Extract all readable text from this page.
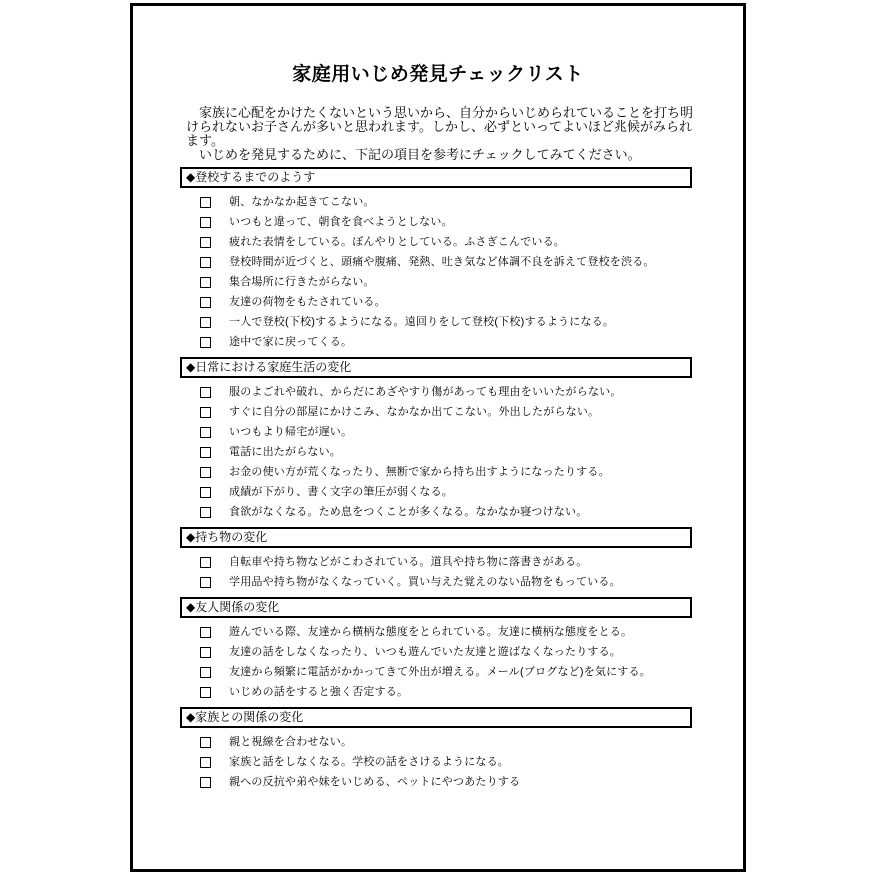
家庭用いじめ発見チェックリスト
　家族に心配をかけたくないという思いから、自分からいじめられていることを打ち明
けられないお子さんが多いと思われます。しかし、必ずといってよいほど兆候がみられ
ます。
　いじめを発見するために、下記の項目を参考にチェックしてみてください。
◆登校するまでのようす
朝、なかなか起きてこない。
いつもと違って、朝食を食べようとしない。
疲れた表情をしている。ぼんやりとしている。ふさぎこんでいる。
登校時間が近づくと、頭痛や腹痛、発熱、吐き気など体調不良を訴えて登校を渋る。
集合場所に行きたがらない。
友達の荷物をもたされている。
一人で登校(下校)するようになる。遠回りをして登校(下校)するようになる。
途中で家に戻ってくる。
◆日常における家庭生活の変化
服のよごれや破れ、からだにあざやすり傷があっても理由をいいたがらない。
すぐに自分の部屋にかけこみ、なかなか出てこない。外出したがらない。
いつもより帰宅が遅い。
電話に出たがらない。
お金の使い方が荒くなったり、無断で家から持ち出すようになったりする。
成績が下がり、書く文字の筆圧が弱くなる。
食欲がなくなる。ため息をつくことが多くなる。なかなか寝つけない。
◆持ち物の変化
自転車や持ち物などがこわされている。道具や持ち物に落書きがある。
学用品や持ち物がなくなっていく。買い与えた覚えのない品物をもっている。
◆友人関係の変化
遊んでいる際、友達から横柄な態度をとられている。友達に横柄な態度をとる。
友達の話をしなくなったり、いつも遊んでいた友達と遊ばなくなったりする。
友達から頻繁に電話がかかってきて外出が増える。メール(ブログなど)を気にする。
いじめの話をすると強く否定する。
◆家族との関係の変化
親と視線を合わせない。
家族と話をしなくなる。学校の話をさけるようになる。
親への反抗や弟や妹をいじめる、ペットにやつあたりする
